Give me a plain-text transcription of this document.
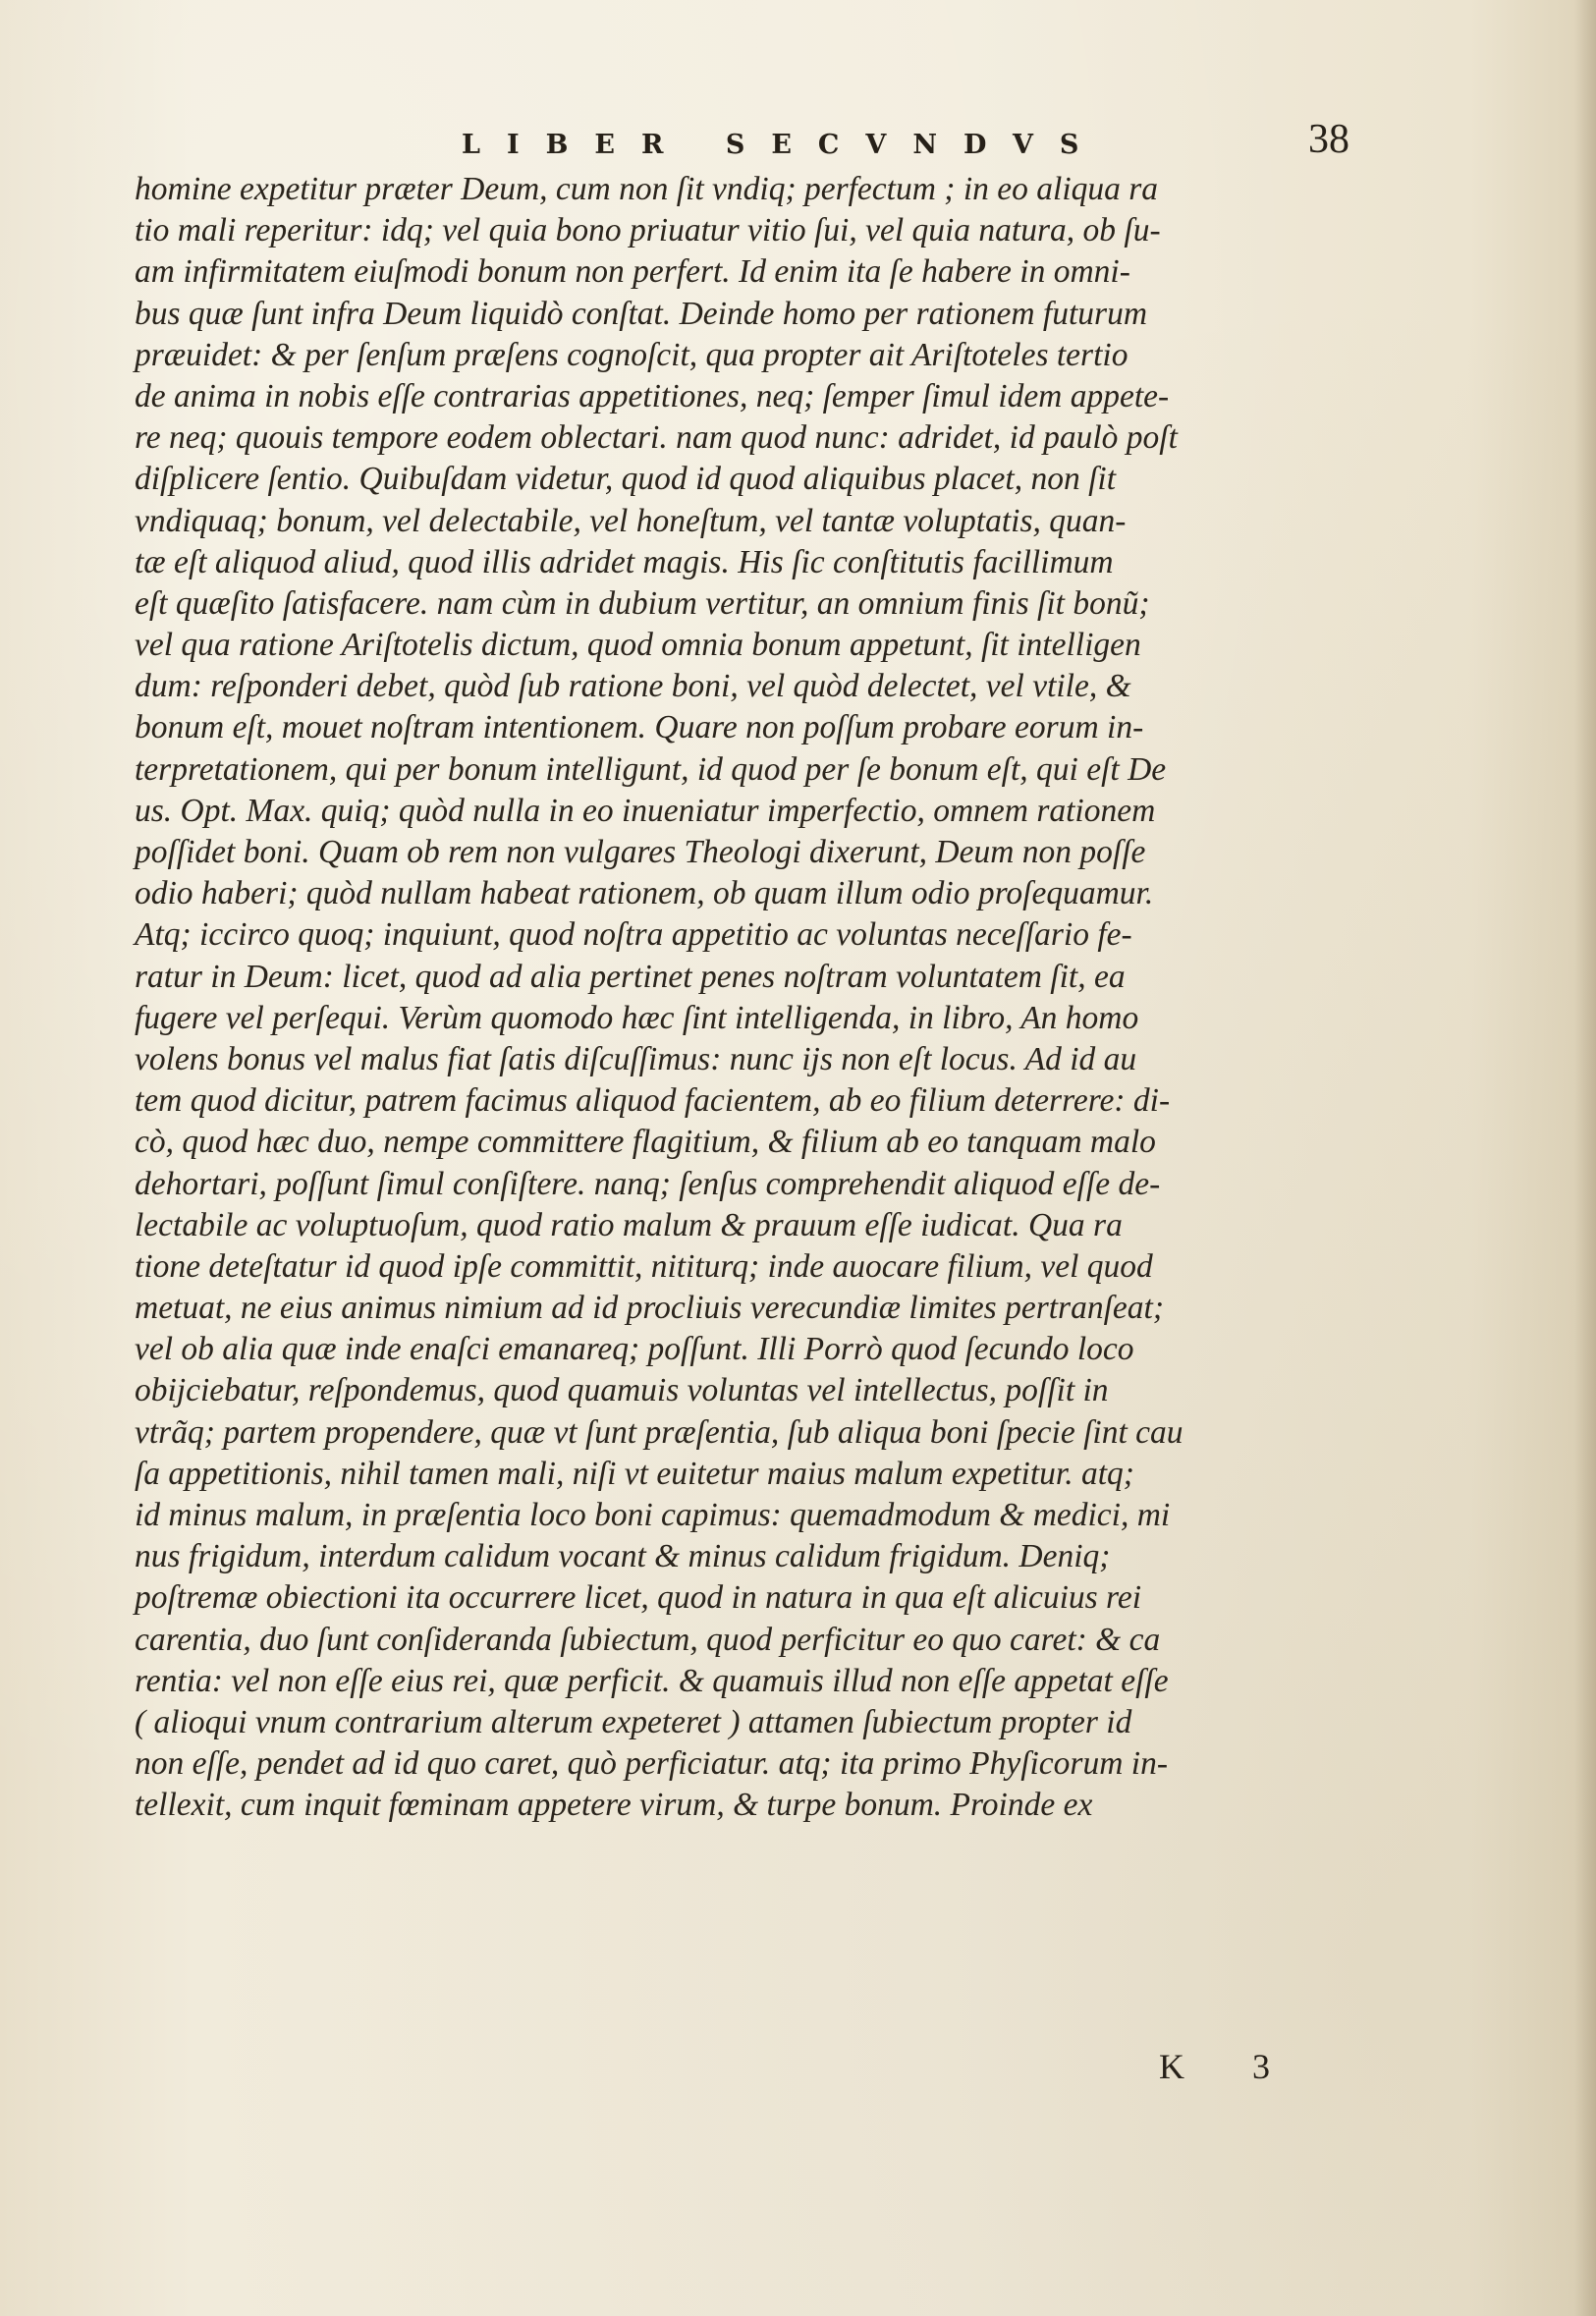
LIBER SECVNDVS	38
homine expetitur præter Deum, cum non ſit vndiq; perfectum ; in eo aliqua ra
tio mali reperitur: idq; vel quia bono priuatur vitio ſui, vel quia natura, ob ſu-
am infirmitatem eiuſmodi bonum non perfert. Id enim ita ſe habere in omni-
bus quæ ſunt infra Deum liquidò conſtat. Deinde homo per rationem futurum
præuidet: & per ſenſum præſens cognoſcit, qua propter ait Ariſtoteles tertio
de anima in nobis eſſe contrarias appetitiones, neq; ſemper ſimul idem appete-
re neq; quouis tempore eodem oblectari. nam quod nunc: adridet, id paulò poſt
diſplicere ſentio. Quibuſdam videtur, quod id quod aliquibus placet, non ſit
vndiquaq; bonum, vel delectabile, vel honeſtum, vel tantæ voluptatis, quan-
tæ eſt aliquod aliud, quod illis adridet magis. His ſic conſtitutis facillimum
eſt quæſito ſatisfacere. nam cùm in dubium vertitur, an omnium finis ſit bonũ;
vel qua ratione Ariſtotelis dictum, quod omnia bonum appetunt, ſit intelligen
dum: reſponderi debet, quòd ſub ratione boni, vel quòd delectet, vel vtile, &
bonum eſt, mouet noſtram intentionem. Quare non poſſum probare eorum in-
terpretationem, qui per bonum intelligunt, id quod per ſe bonum eſt, qui eſt De
us. Opt. Max. quiq; quòd nulla in eo inueniatur imperfectio, omnem rationem
poſſidet boni. Quam ob rem non vulgares Theologi dixerunt, Deum non poſſe
odio haberi; quòd nullam habeat rationem, ob quam illum odio proſequamur.
Atq; iccirco quoq; inquiunt, quod noſtra appetitio ac voluntas neceſſario fe-
ratur in Deum: licet, quod ad alia pertinet penes noſtram voluntatem ſit, ea
fugere vel perſequi. Verùm quomodo hæc ſint intelligenda, in libro, An homo
volens bonus vel malus fiat ſatis diſcuſſimus: nunc ijs non eſt locus. Ad id au
tem quod dicitur, patrem facimus aliquod facientem, ab eo filium deterrere: di-
cò, quod hæc duo, nempe committere flagitium, & filium ab eo tanquam malo
dehortari, poſſunt ſimul conſiſtere. nanq; ſenſus comprehendit aliquod eſſe de-
lectabile ac voluptuoſum, quod ratio malum & prauum eſſe iudicat. Qua ra
tione deteſtatur id quod ipſe committit, nititurq; inde auocare filium, vel quod
metuat, ne eius animus nimium ad id procliuis verecundiæ limites pertranſeat;
vel ob alia quæ inde enaſci emanareq; poſſunt. Illi Porrò quod ſecundo loco
obijciebatur, reſpondemus, quod quamuis voluntas vel intellectus, poſſit in
vtrãq; partem propendere, quæ vt ſunt præſentia, ſub aliqua boni ſpecie ſint cau
ſa appetitionis, nihil tamen mali, niſi vt euitetur maius malum expetitur. atq;
id minus malum, in præſentia loco boni capimus: quemadmodum & medici, mi
nus frigidum, interdum calidum vocant & minus calidum frigidum. Deniq;
poſtremæ obiectioni ita occurrere licet, quod in natura in qua eſt alicuius rei
carentia, duo ſunt conſideranda ſubiectum, quod perficitur eo quo caret: & ca
rentia: vel non eſſe eius rei, quæ perficit. & quamuis illud non eſſe appetat eſſe
( alioqui vnum contrarium alterum expeteret ) attamen ſubiectum propter id
non eſſe, pendet ad id quo caret, quò perficiatur. atq; ita primo Phyſicorum in-
tellexit, cum inquit fœminam appetere virum, & turpe bonum. Proinde ex
K 3
